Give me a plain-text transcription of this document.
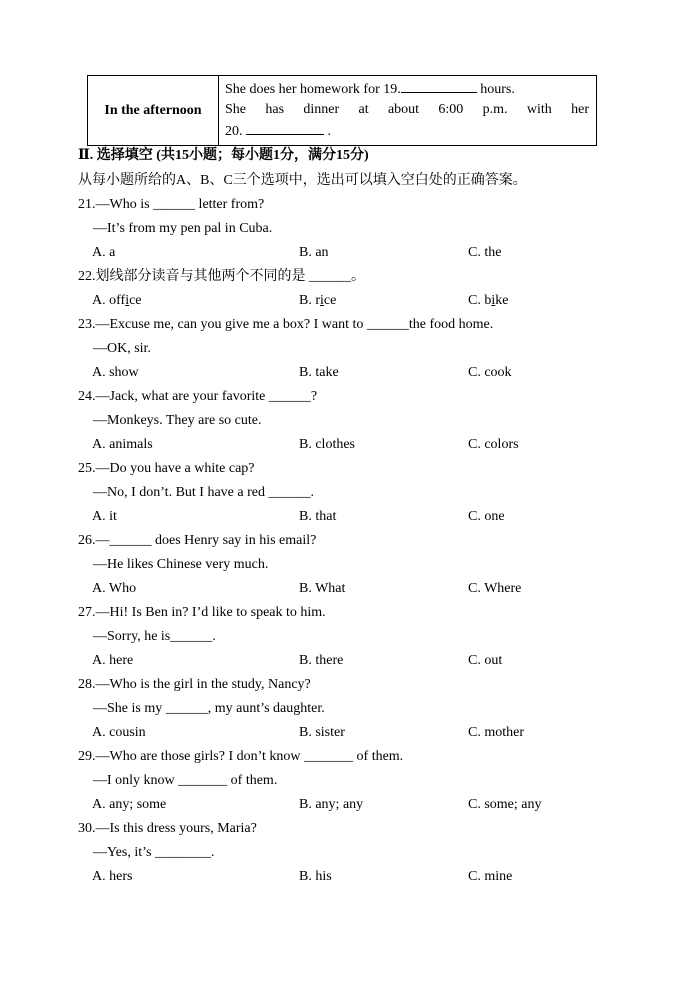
In the afternoon	
She does her homework for 19.	hours.
She has dinner at about 6:00 p.m. with her
20.	.
Ⅱ. 选择填空 (共15小题；每小题1分，满分15分)
从每小题所给的A、B、C三个选项中，选出可以填入空白处的正确答案。
21.—Who is ______ letter from?
—It’s from my pen pal in Cuba.
A. a	B. an	C. the
22.划线部分读音与其他两个不同的是 ______。
A. office	B. rice	C. bike
23.—Excuse me, can you give me a box? I want to ______the food home.
—OK, sir.
A. show	B. take	C. cook
24.—Jack, what are your favorite ______?
—Monkeys. They are so cute.
A. animals	B. clothes	C. colors
25.—Do you have a white cap?
—No, I don’t. But I have a red ______.
A. it	B. that	C. one
26.—______ does Henry say in his email?
—He likes Chinese very much.
A. Who	B. What	C. Where
27.—Hi! Is Ben in? I’d like to speak to him.
—Sorry, he is______.
A. here	B. there	C. out
28.—Who is the girl in the study, Nancy?
—She is my ______, my aunt’s daughter.
A. cousin	B. sister	C. mother
29.—Who are those girls? I don’t know _______ of them.
—I only know _______ of them.
A. any; some	B. any; any	C. some; any
30.—Is this dress yours, Maria?
—Yes, it’s ________.
A. hers	B. his	C. mine
